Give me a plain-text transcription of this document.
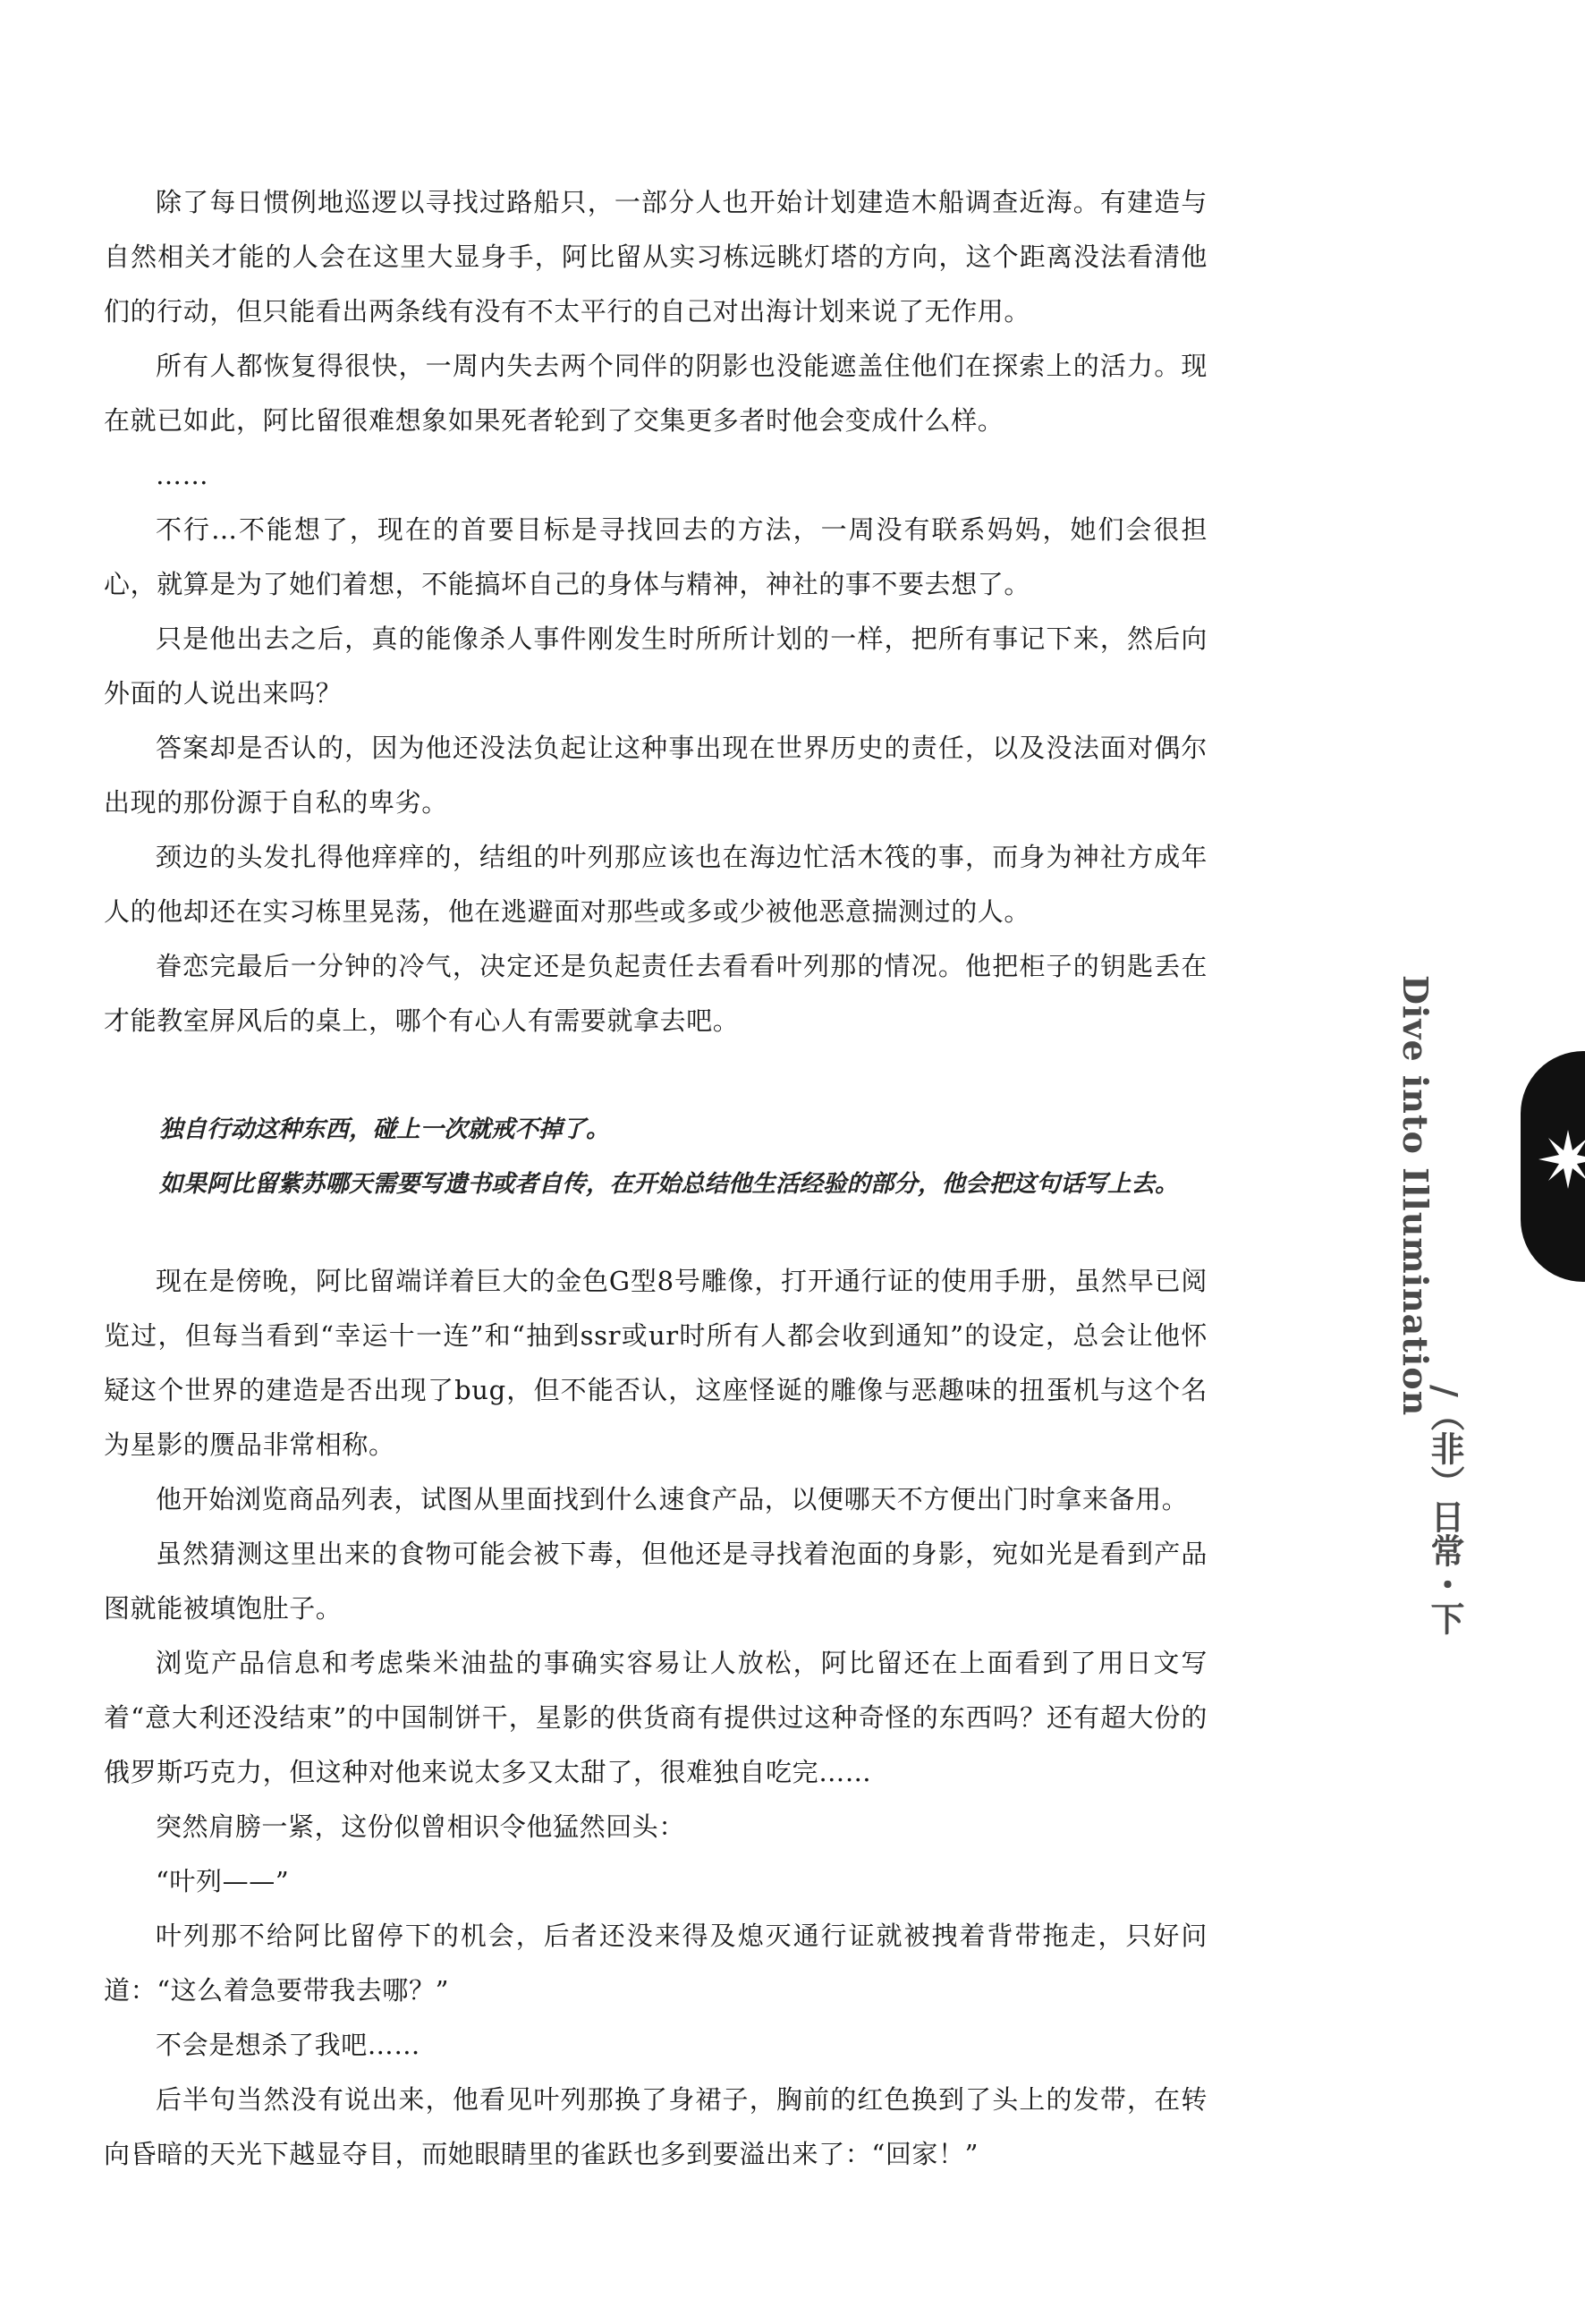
除了每日惯例地巡逻以寻找过路船只，一部分人也开始计划建造木船调查近海。有建造与自然相关才能的人会在这里大显身手，阿比留从实习栋远眺灯塔的方向，这个距离没法看清他们的行动，但只能看出两条线有没有不太平行的自己对出海计划来说了无作用。

所有人都恢复得很快，一周内失去两个同伴的阴影也没能遮盖住他们在探索上的活力。现在就已如此，阿比留很难想象如果死者轮到了交集更多者时他会变成什么样。

……

不行…不能想了，现在的首要目标是寻找回去的方法，一周没有联系妈妈，她们会很担心，就算是为了她们着想，不能搞坏自己的身体与精神，神社的事不要去想了。

只是他出去之后，真的能像杀人事件刚发生时所所计划的一样，把所有事记下来，然后向外面的人说出来吗？

答案却是否认的，因为他还没法负起让这种事出现在世界历史的责任，以及没法面对偶尔出现的那份源于自私的卑劣。

颈边的头发扎得他痒痒的，结组的叶列那应该也在海边忙活木筏的事，而身为神社方成年人的他却还在实习栋里晃荡，他在逃避面对那些或多或少被他恶意揣测过的人。

眷恋完最后一分钟的冷气，决定还是负起责任去看看叶列那的情况。他把柜子的钥匙丢在才能教室屏风后的桌上，哪个有心人有需要就拿去吧。

独自行动这种东西，碰上一次就戒不掉了。

如果阿比留紫苏哪天需要写遗书或者自传，在开始总结他生活经验的部分，他会把这句话写上去。

现在是傍晚，阿比留端详着巨大的金色G型8号雕像，打开通行证的使用手册，虽然早已阅览过，但每当看到“幸运十一连”和“抽到ssr或ur时所有人都会收到通知”的设定，总会让他怀疑这个世界的建造是否出现了bug，但不能否认，这座怪诞的雕像与恶趣味的扭蛋机与这个名为星影的赝品非常相称。

他开始浏览商品列表，试图从里面找到什么速食产品，以便哪天不方便出门时拿来备用。

虽然猜测这里出来的食物可能会被下毒，但他还是寻找着泡面的身影，宛如光是看到产品图就能被填饱肚子。

浏览产品信息和考虑柴米油盐的事确实容易让人放松，阿比留还在上面看到了用日文写着“意大利还没结束”的中国制饼干，星影的供货商有提供过这种奇怪的东西吗？还有超大份的俄罗斯巧克力，但这种对他来说太多又太甜了，很难独自吃完……

突然肩膀一紧，这份似曾相识令他猛然回头：

“叶列——”

叶列那不给阿比留停下的机会，后者还没来得及熄灭通行证就被拽着背带拖走，只好问道：“这么着急要带我去哪？”

不会是想杀了我吧……

后半句当然没有说出来，他看见叶列那换了身裙子，胸前的红色换到了头上的发带，在转向昏暗的天光下越显夺目，而她眼睛里的雀跃也多到要溢出来了：“回家！”

Dive into Illumination
/（非）日常・下
